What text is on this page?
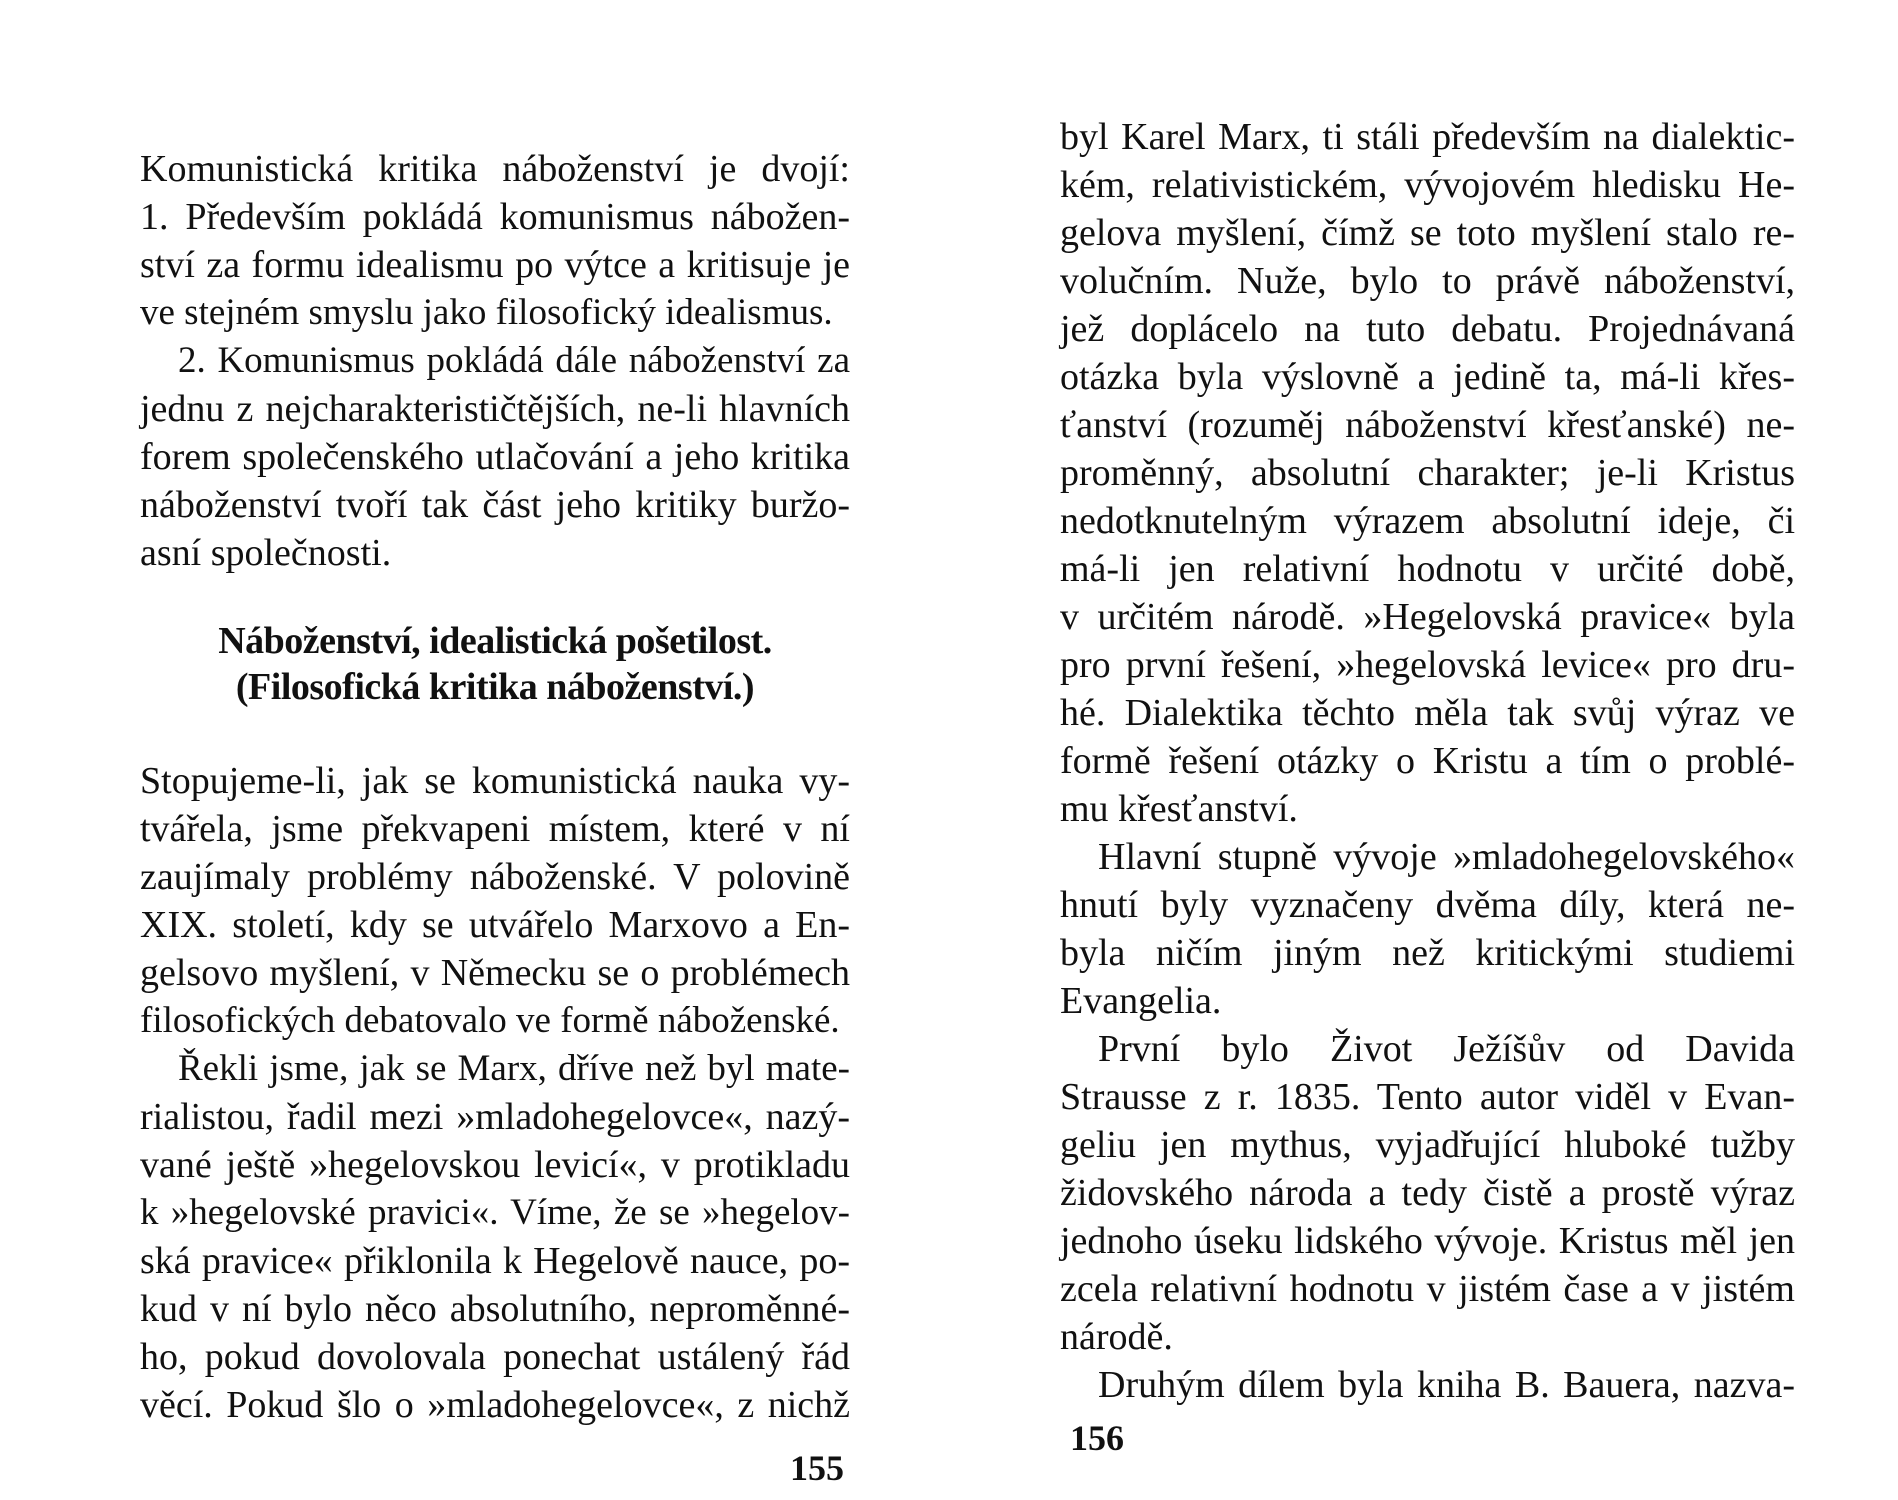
Komunistická kritika náboženství je dvojí:
1. Především pokládá komunismus nábožen-
ství za formu idealismu po výtce a kritisuje je
ve stejném smyslu jako filosofický idealismus.
2. Komunismus pokládá dále náboženství za
jednu z nejcharakterističtějších, ne-li hlavních
forem společenského utlačování a jeho kritika
náboženství tvoří tak část jeho kritiky buržo-
asní společnosti.
Náboženství, idealistická pošetilost.
(Filosofická kritika náboženství.)
Stopujeme-li, jak se komunistická nauka vy-
tvářela, jsme překvapeni místem, které v ní
zaujímaly problémy náboženské. V polovině
XIX. století, kdy se utvářelo Marxovo a En-
gelsovo myšlení, v Německu se o problémech
filosofických debatovalo ve formě náboženské.
Řekli jsme, jak se Marx, dříve než byl mate-
rialistou, řadil mezi »mladohegelovce«, nazý-
vané ještě »hegelovskou levicí«, v protikladu
k »hegelovské pravici«. Víme, že se »hegelov-
ská pravice« přiklonila k Hegelově nauce, po-
kud v ní bylo něco absolutního, neproměnné-
ho, pokud dovolovala ponechat ustálený řád
věcí. Pokud šlo o »mladohegelovce«, z nichž
155
byl Karel Marx, ti stáli především na dialektic-
kém, relativistickém, vývojovém hledisku He-
gelova myšlení, čímž se toto myšlení stalo re-
volučním. Nuže, bylo to právě náboženství,
jež doplácelo na tuto debatu. Projednávaná
otázka byla výslovně a jedině ta, má-li křes-
ťanství (rozuměj náboženství křesťanské) ne-
proměnný, absolutní charakter; je-li Kristus
nedotknutelným výrazem absolutní ideje, či
má-li jen relativní hodnotu v určité době,
v určitém národě. »Hegelovská pravice« byla
pro první řešení, »hegelovská levice« pro dru-
hé. Dialektika těchto měla tak svůj výraz ve
formě řešení otázky o Kristu a tím o problé-
mu křesťanství.
Hlavní stupně vývoje »mladohegelovského«
hnutí byly vyznačeny dvěma díly, která ne-
byla ničím jiným než kritickými studiemi
Evangelia.
První bylo Život Ježíšův od Davida
Strausse z r. 1835. Tento autor viděl v Evan-
geliu jen mythus, vyjadřující hluboké tužby
židovského národa a tedy čistě a prostě výraz
jednoho úseku lidského vývoje. Kristus měl jen
zcela relativní hodnotu v jistém čase a v jistém
národě.
Druhým dílem byla kniha B. Bauera, nazva-
156
